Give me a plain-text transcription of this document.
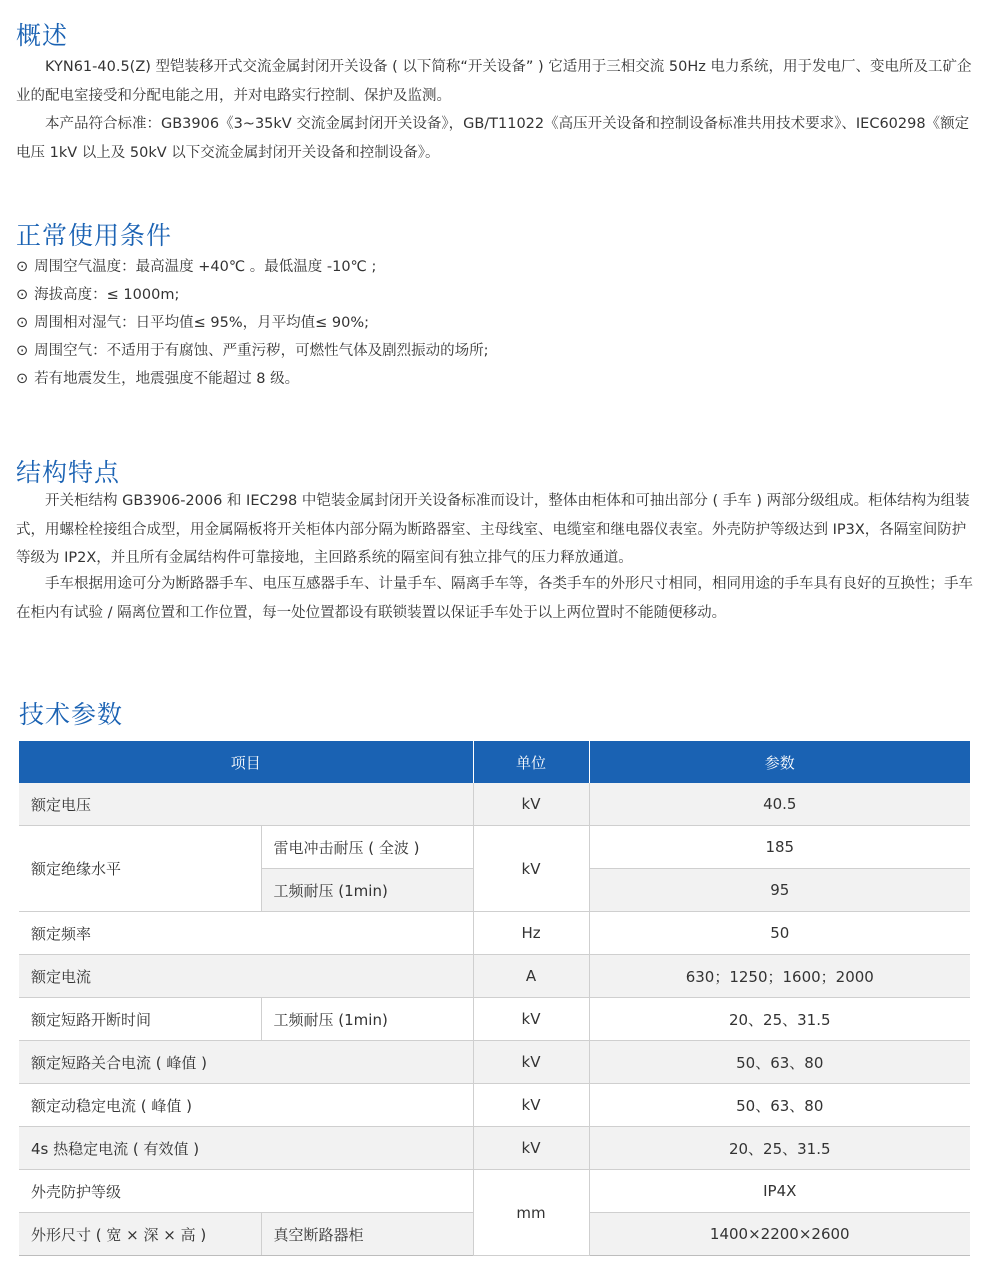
概述

KYN61-40.5(Z) 型铠装移开式交流金属封闭开关设备 ( 以下简称“开关设备” ) 它适用于三相交流 50Hz 电力系统，用于发电厂、变电所及工矿企业的配电室接受和分配电能之用，并对电路实行控制、保护及监测。

本产品符合标准：GB3906《3~35kV 交流金属封闭开关设备》，GB/T11022《高压开关设备和控制设备标准共用技术要求》、IEC60298《额定电压 1kV 以上及 50kV 以下交流金属封闭开关设备和控制设备》。

正常使用条件
⊙ 周围空气温度：最高温度 +40℃ 。最低温度 -10℃ ;
⊙ 海拔高度：≤ 1000m;
⊙ 周围相对湿气：日平均值≤ 95%，月平均值≤ 90%;
⊙ 周围空气：不适用于有腐蚀、严重污秽，可燃性气体及剧烈振动的场所;
⊙ 若有地震发生，地震强度不能超过 8 级。
结构特点

开关柜结构 GB3906-2006 和 IEC298 中铠装金属封闭开关设备标准而设计，整体由柜体和可抽出部分 ( 手车 ) 两部分级组成。柜体结构为组装式，用螺栓栓接组合成型，用金属隔板将开关柜体内部分隔为断路器室、主母线室、电缆室和继电器仪表室。外壳防护等级达到 IP3X，各隔室间防护等级为 IP2X，并且所有金属结构件可靠接地，主回路系统的隔室间有独立排气的压力释放通道。

手车根据用途可分为断路器手车、电压互感器手车、计量手车、隔离手车等，各类手车的外形尺寸相同，相同用途的手车具有良好的互换性；手车在柜内有试验 / 隔离位置和工作位置，每一处位置都设有联锁装置以保证手车处于以上两位置时不能随便移动。

技术参数
项目		单位	参数
额定电压		kV	40.5
额定绝缘水平	雷电冲击耐压 ( 全波 )	kV	185
	工频耐压 (1min)		95
额定频率		Hz	50
额定电流		A	630；1250；1600；2000
额定短路开断时间	工频耐压 (1min)	kV	20、25、31.5
额定短路关合电流 ( 峰值 )		kV	50、63、80
额定动稳定电流 ( 峰值 )		kV	50、63、80
4s 热稳定电流 ( 有效值 )		kV	20、25、31.5
外壳防护等级		mm	IP4X
外形尺寸 ( 宽 × 深 × 高 )	真空断路器柜		1400×2200×2600
